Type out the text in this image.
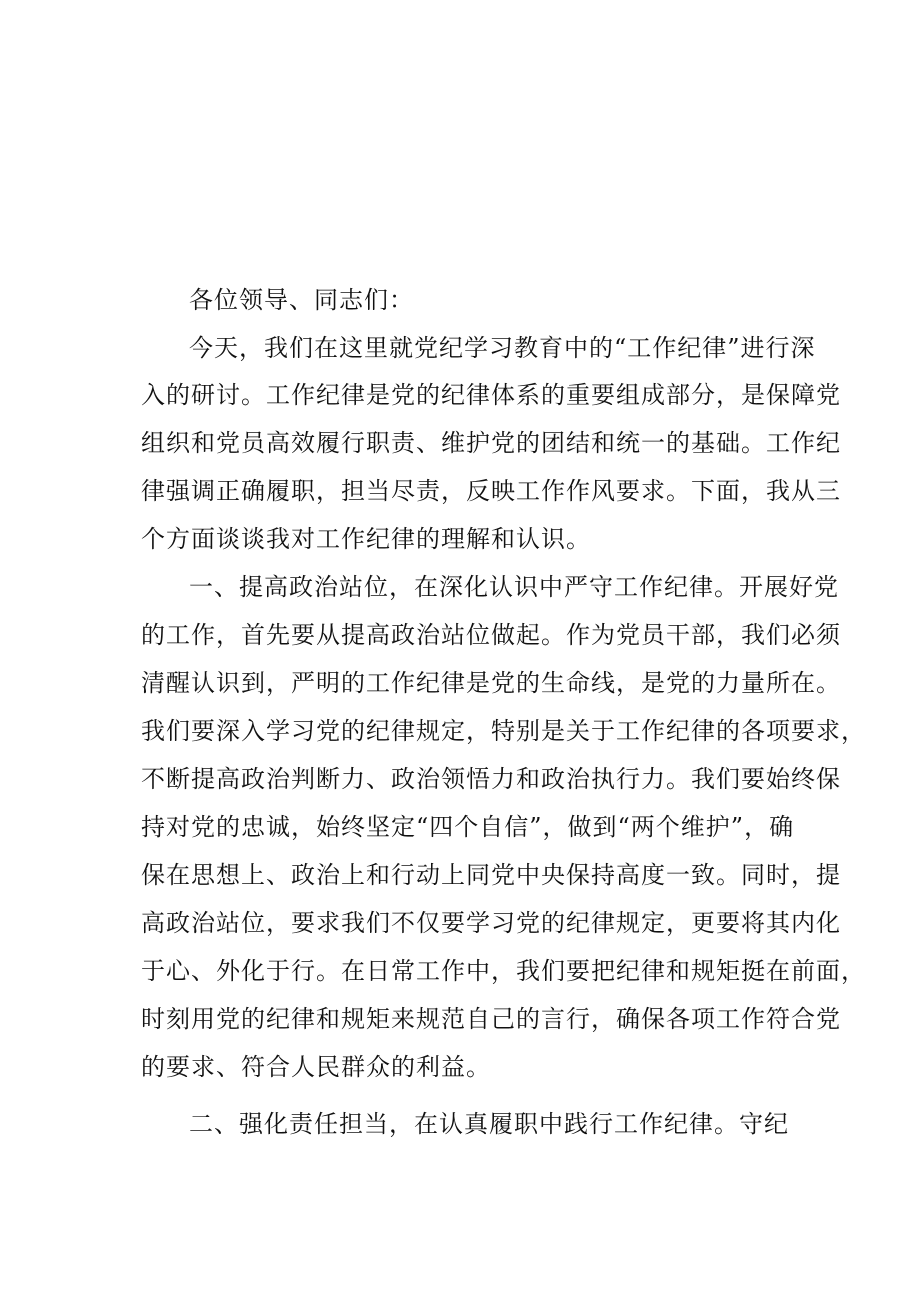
各位领导、同志们：
今天，我们在这里就党纪学习教育中的“工作纪律”进行深
入的研讨。工作纪律是党的纪律体系的重要组成部分，是保障党
组织和党员高效履行职责、维护党的团结和统一的基础。工作纪
律强调正确履职，担当尽责，反映工作作风要求。下面，我从三
个方面谈谈我对工作纪律的理解和认识。
一、提高政治站位，在深化认识中严守工作纪律。开展好党
的工作，首先要从提高政治站位做起。作为党员干部，我们必须
清醒认识到，严明的工作纪律是党的生命线，是党的力量所在。
我们要深入学习党的纪律规定，特别是关于工作纪律的各项要求，
不断提高政治判断力、政治领悟力和政治执行力。我们要始终保
持对党的忠诚，始终坚定“四个自信”，做到“两个维护”，确
保在思想上、政治上和行动上同党中央保持高度一致。同时，提
高政治站位，要求我们不仅要学习党的纪律规定，更要将其内化
于心、外化于行。在日常工作中，我们要把纪律和规矩挺在前面，
时刻用党的纪律和规矩来规范自己的言行，确保各项工作符合党
的要求、符合人民群众的利益。
二、强化责任担当，在认真履职中践行工作纪律。守纪
